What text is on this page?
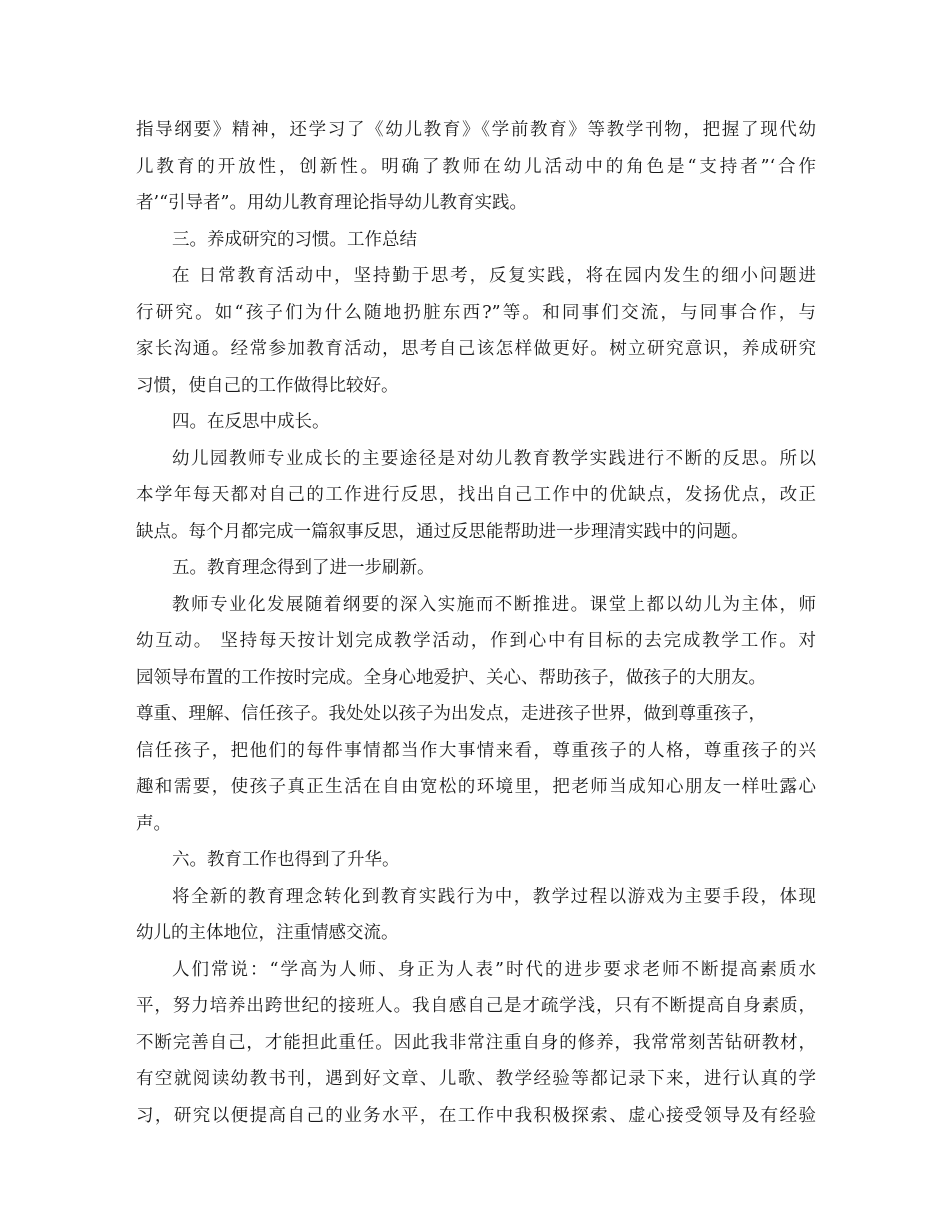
指导纲要》精神，还学习了《幼儿教育》《学前教育》等教学刊物，把握了现代幼
儿教育的开放性，创新性。明确了教师在幼儿活动中的角色是“支持者”‘合作
者’“引导者”。用幼儿教育理论指导幼儿教育实践。
三。养成研究的习惯。工作总结
在 日常教育活动中，坚持勤于思考，反复实践，将在园内发生的细小问题进
行研究。如“孩子们为什么随地扔脏东西?”等。和同事们交流，与同事合作，与
家长沟通。经常参加教育活动，思考自己该怎样做更好。树立研究意识，养成研究
习惯，使自己的工作做得比较好。
四。在反思中成长。
幼儿园教师专业成长的主要途径是对幼儿教育教学实践进行不断的反思。所以
本学年每天都对自己的工作进行反思，找出自己工作中的优缺点，发扬优点，改正
缺点。每个月都完成一篇叙事反思，通过反思能帮助进一步理清实践中的问题。
五。教育理念得到了进一步刷新。
教师专业化发展随着纲要的深入实施而不断推进。课堂上都以幼儿为主体，师
幼互动。 坚持每天按计划完成教学活动，作到心中有目标的去完成教学工作。对
园领导布置的工作按时完成。全身心地爱护、关心、帮助孩子，做孩子的大朋友。
尊重、理解、信任孩子。我处处以孩子为出发点，走进孩子世界，做到尊重孩子，
信任孩子，把他们的每件事情都当作大事情来看，尊重孩子的人格，尊重孩子的兴
趣和需要，使孩子真正生活在自由宽松的环境里，把老师当成知心朋友一样吐露心
声。
六。教育工作也得到了升华。
将全新的教育理念转化到教育实践行为中，教学过程以游戏为主要手段，体现
幼儿的主体地位，注重情感交流。
人们常说：“学高为人师、身正为人表”时代的进步要求老师不断提高素质水
平，努力培养出跨世纪的接班人。我自感自己是才疏学浅，只有不断提高自身素质，
不断完善自己，才能担此重任。因此我非常注重自身的修养，我常常刻苦钻研教材，
有空就阅读幼教书刊，遇到好文章、儿歌、教学经验等都记录下来，进行认真的学
习，研究以便提高自己的业务水平，在工作中我积极探索、虚心接受领导及有经验
